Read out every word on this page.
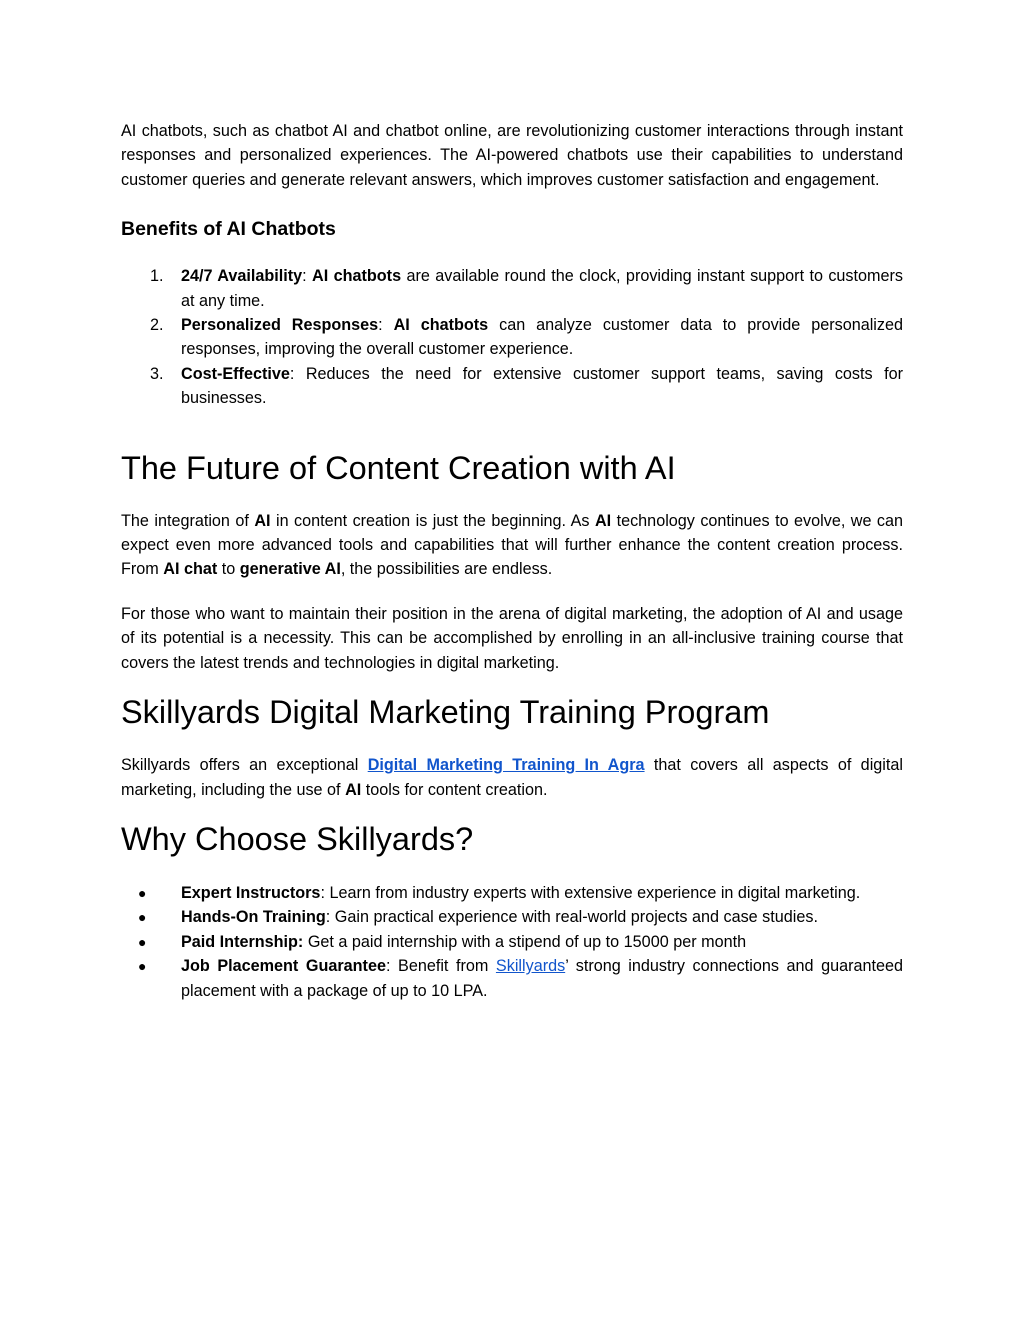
AI chatbots, such as chatbot AI and chatbot online, are revolutionizing customer interactions through instant responses and personalized experiences. The AI-powered chatbots use their capabilities to understand customer queries and generate relevant answers, which improves customer satisfaction and engagement.

Benefits of AI Chatbots
1.	24/7 Availability: AI chatbots are available round the clock, providing instant support to customers at any time.
2.	Personalized Responses: AI chatbots can analyze customer data to provide personalized responses, improving the overall customer experience.
3.	Cost-Effective: Reduces the need for extensive customer support teams, saving costs for businesses.
The Future of Content Creation with AI

The integration of AI in content creation is just the beginning. As AI technology continues to evolve, we can expect even more advanced tools and capabilities that will further enhance the content creation process. From AI chat to generative AI, the possibilities are endless.

For those who want to maintain their position in the arena of digital marketing, the adoption of AI and usage of its potential is a necessity. This can be accomplished by enrolling in an all-inclusive training course that covers the latest trends and technologies in digital marketing.

Skillyards Digital Marketing Training Program

Skillyards offers an exceptional Digital Marketing Training In Agra that covers all aspects of digital marketing, including the use of AI tools for content creation.

Why Choose Skillyards?
● Expert Instructors: Learn from industry experts with extensive experience in digital marketing.
● Hands-On Training: Gain practical experience with real-world projects and case studies.
● Paid Internship: Get a paid internship with a stipend of up to 15000 per month
● Job Placement Guarantee: Benefit from Skillyards’ strong industry connections and guaranteed placement with a package of up to 10 LPA.
